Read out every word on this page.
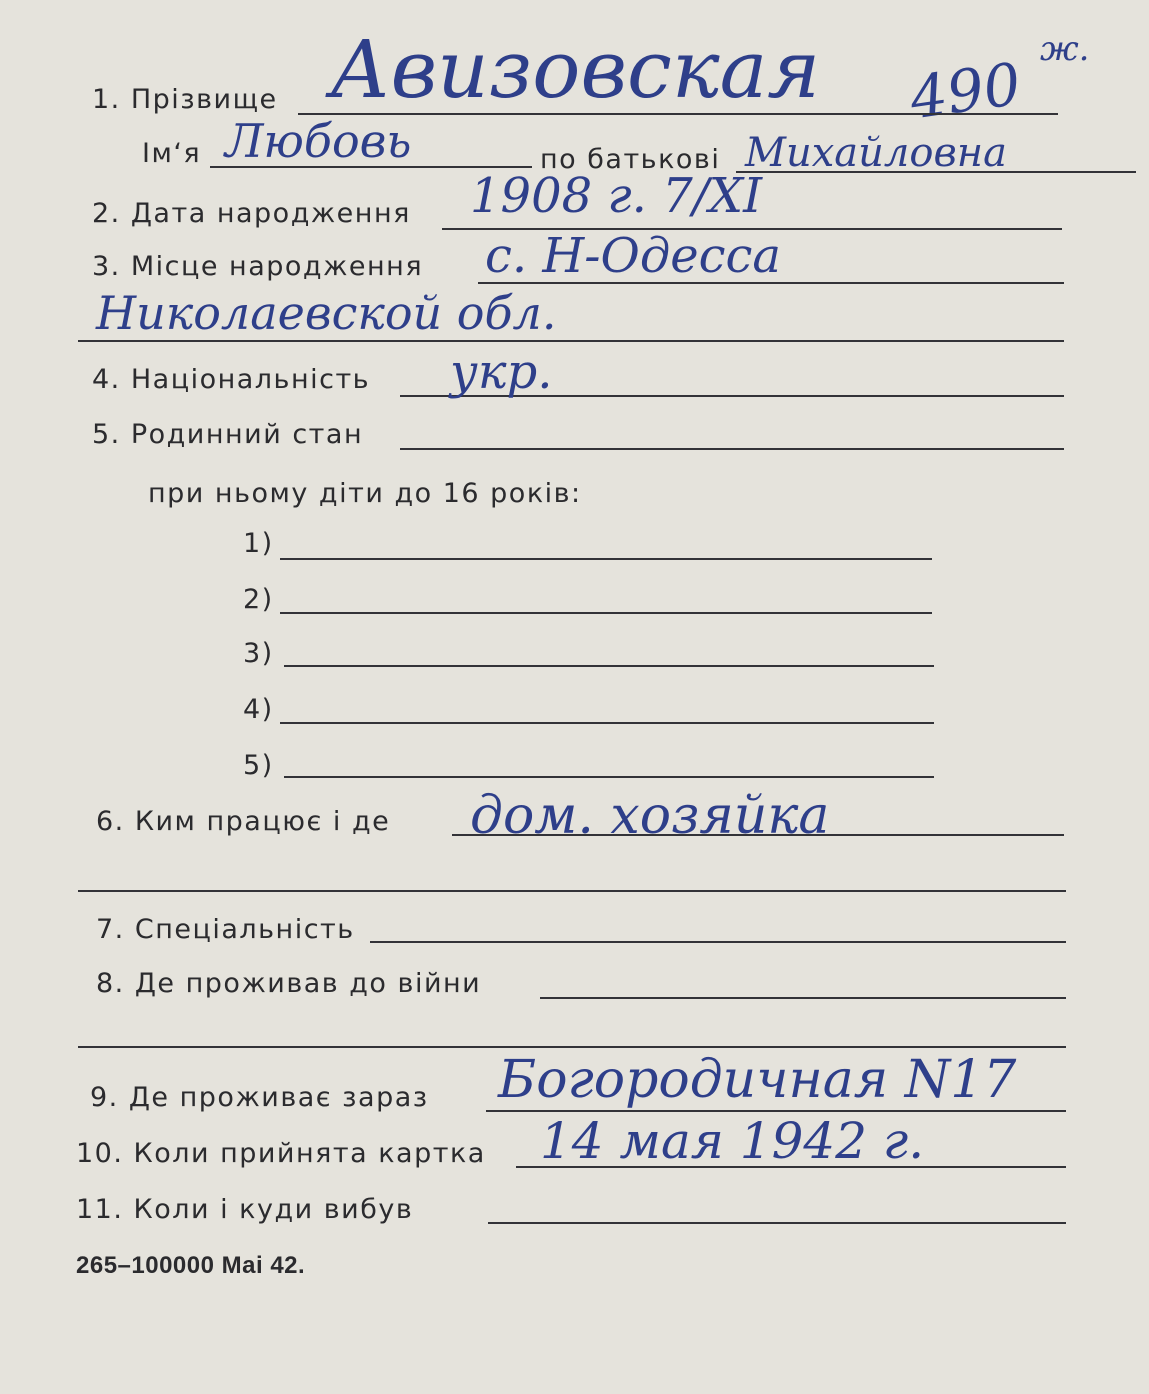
490
ж.
1. Прізвище Авизовская
Ім‘я Любовь	по батькові Михайловна
2. Дата народження 1908 г. 7/XI
3. Місце народження с. Н-Одесса
Николаевской обл.
4. Національність укр.
5. Родинний стан
при ньому діти до 16 років:
1)
2)
3)
4)
5)
6. Ким працює і де дом. хозяйка
7. Спеціальність
8. Де проживав до війни
9. Де проживає зараз Богородичная N17
10. Коли прийнята картка 14 мая 1942 г.
11. Коли і куди вибув
265–100000 Mai 42.
